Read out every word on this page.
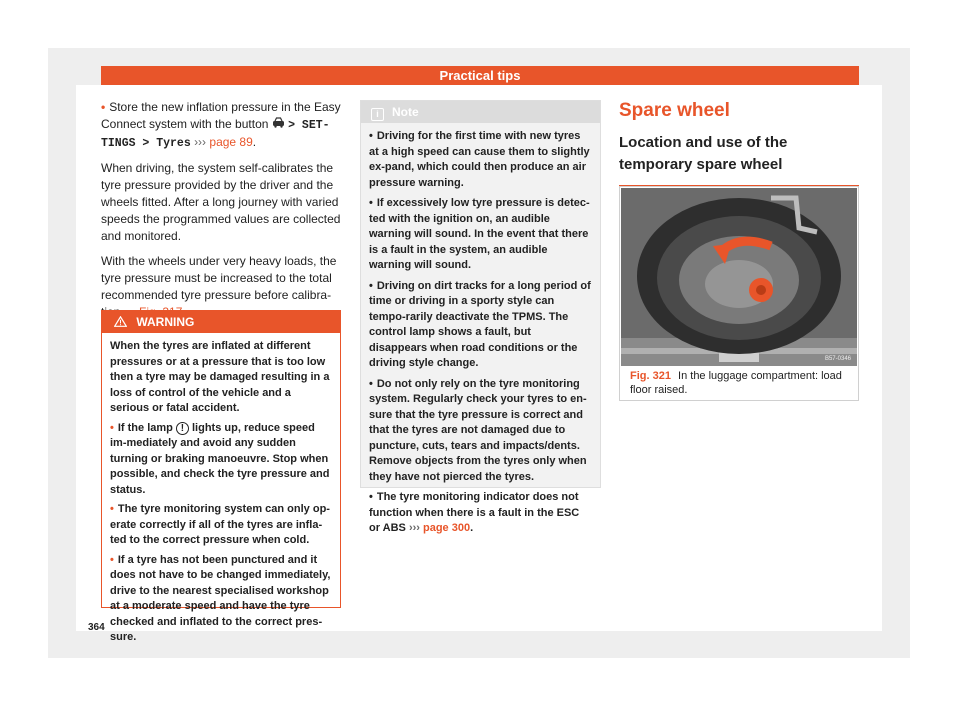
Practical tips

• Store the new inflation pressure in the Easy Connect system with the button > SET-TINGS > Tyres ››› page 89.

When driving, the system self-calibrates the tyre pressure provided by the driver and the wheels fitted. After a long journey with varied speeds the programmed values are collected and monitored.

With the wheels under very heavy loads, the tyre pressure must be increased to the total recommended tyre pressure before calibra-

WARNING

When the tyres are inflated at different pressures or at a pressure that is too low then a tyre may be damaged resulting in a loss of control of the vehicle and a serious or fatal accident.

• If the lamp ! lights up, reduce speed im-mediately and avoid any sudden turning or braking manoeuvre. Stop when possible, and check the tyre pressure and status.

• The tyre monitoring system can only op-erate correctly if all of the tyres are infla-ted to the correct pressure when cold.

• If a tyre has not been punctured and it does not have to be changed immediately, drive to the nearest specialised workshop at a moderate speed and have the tyre checked and inflated to the correct pres-sure.

i Note

• Driving for the first time with new tyres at a high speed can cause them to slightly ex-pand, which could then produce an air pressure warning.

• If excessively low tyre pressure is detec-ted with the ignition on, an audible warning will sound. In the event that there is a fault in the system, an audible warning will sound.

• Driving on dirt tracks for a long period of time or driving in a sporty style can tempo-rarily deactivate the TPMS. The control lamp shows a fault, but disappears when road conditions or the driving style change.

• Do not only rely on the tyre monitoring system. Regularly check your tyres to en-sure that the tyre pressure is correct and that the tyres are not damaged due to puncture, cuts, tears and impacts/dents. Remove objects from the tyres only when they have not pierced the tyres.

• The tyre monitoring indicator does not function when there is a fault in the ESC or ABS ››› page 300.

Spare wheel
Location and use of the temporary spare wheel
B57-0346
Fig. 321 In the luggage compartment: load floor raised.
364
